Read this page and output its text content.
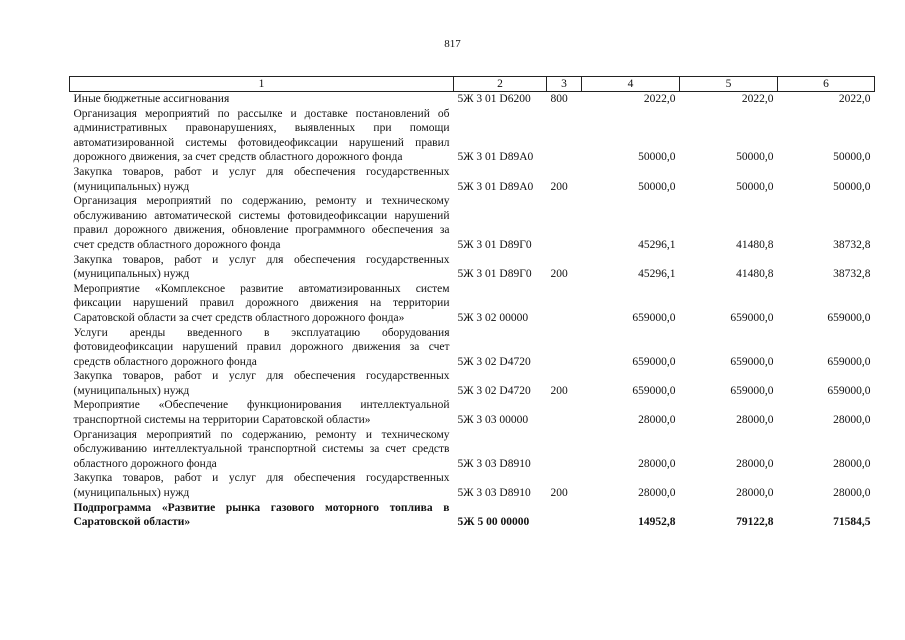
817
1	2	3	4	5	6
Иные бюджетные ассигнования	5Ж 3 01 D6200	800	2022,0	2022,0	2022,0
Организация мероприятий по рассылке и доставке постановлений об административных правонарушениях, выявленных при помощи автоматизированной системы фотовидеофиксации нарушений правил дорожного движения, за счет средств областного дорожного фонда	5Ж 3 01 D89А0		50000,0	50000,0	50000,0
Закупка товаров, работ и услуг для обеспечения государственных (муниципальных) нужд	5Ж 3 01 D89А0	200	50000,0	50000,0	50000,0
Организация мероприятий по содержанию, ремонту и техническому обслуживанию автоматической системы фотовидеофиксации нарушений правил дорожного движения, обновление программного обеспечения за счет средств областного дорожного фонда	5Ж 3 01 D89Г0		45296,1	41480,8	38732,8
Закупка товаров, работ и услуг для обеспечения государственных (муниципальных) нужд	5Ж 3 01 D89Г0	200	45296,1	41480,8	38732,8
Мероприятие «Комплексное развитие автоматизированных систем фиксации нарушений правил дорожного движения на территории Саратовской области за счет средств областного дорожного фонда»	5Ж 3 02 00000		659000,0	659000,0	659000,0
Услуги аренды введенного в эксплуатацию оборудования фотовидеофиксации нарушений правил дорожного движения за счет средств областного дорожного фонда	5Ж 3 02 D4720		659000,0	659000,0	659000,0
Закупка товаров, работ и услуг для обеспечения государственных (муниципальных) нужд	5Ж 3 02 D4720	200	659000,0	659000,0	659000,0
Мероприятие «Обеспечение функционирования интеллектуальной транспортной системы на территории Саратовской области»	5Ж 3 03 00000		28000,0	28000,0	28000,0
Организация мероприятий по содержанию, ремонту и техническому обслуживанию интеллектуальной транспортной системы за счет средств областного дорожного фонда	5Ж 3 03 D8910		28000,0	28000,0	28000,0
Закупка товаров, работ и услуг для обеспечения государственных (муниципальных) нужд	5Ж 3 03 D8910	200	28000,0	28000,0	28000,0
Подпрограмма «Развитие рынка газового моторного топлива в Саратовской области»	5Ж 5 00 00000		14952,8	79122,8	71584,5
